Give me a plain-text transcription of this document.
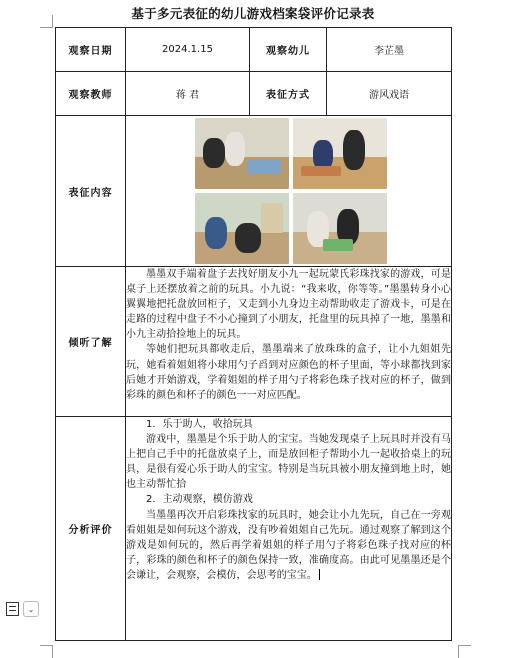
基于多元表征的幼儿游戏档案袋评价记录表
观察日期	2024.1.15	观察幼儿	李芷墨
观察教师	蒋 君	表征方式	游风戏语
表征内容			

倾听了解	墨墨双手端着盘子去找好朋友小九一起玩蒙氏彩珠找家的游戏，可是桌子上还摆放着之前的玩具。小九说：“我来收，你等等。”墨墨转身小心翼翼地把托盘放回柜子，又走到小九身边主动帮助收走了游戏卡，可是在走路的过程中盘子不小心撞到了小朋友，托盘里的玩具掉了一地，墨墨和小九主动拾捡地上的玩具。

等她们把玩具都收走后，墨墨端来了放珠珠的盒子，让小九姐姐先玩，她看着姐姐将小球用勺子舀到对应颜色的杯子里面，等小球都找到家后她才开始游戏，学着姐姐的样子用勺子将彩色珠子找对应的杯子，做到彩珠的颜色和杯子的颜色一一对应匹配。		

分析评价	1．乐于助人，收拾玩具

游戏中，墨墨是个乐于助人的宝宝。当她发现桌子上玩具时并没有马上把自己手中的托盘放桌子上，而是放回柜子帮助小九一起收拾桌上的玩具，是很有爱心乐于助人的宝宝。特别是当玩具被小朋友撞到地上时，她也主动帮忙拾

2．主动观察，模仿游戏

当墨墨再次开启彩珠找家的玩具时，她会让小九先玩，自己在一旁观看姐姐是如何玩这个游戏，没有吵着姐姐自己先玩。通过观察了解到这个游戏是如何玩的，然后再学着姐姐的样子用勺子将彩色珠子找对应的杯子，彩珠的颜色和杯子的颜色保持一致，准确度高。由此可见墨墨还是个会谦让，会观察，会模仿，会思考的宝宝。		

⌄
